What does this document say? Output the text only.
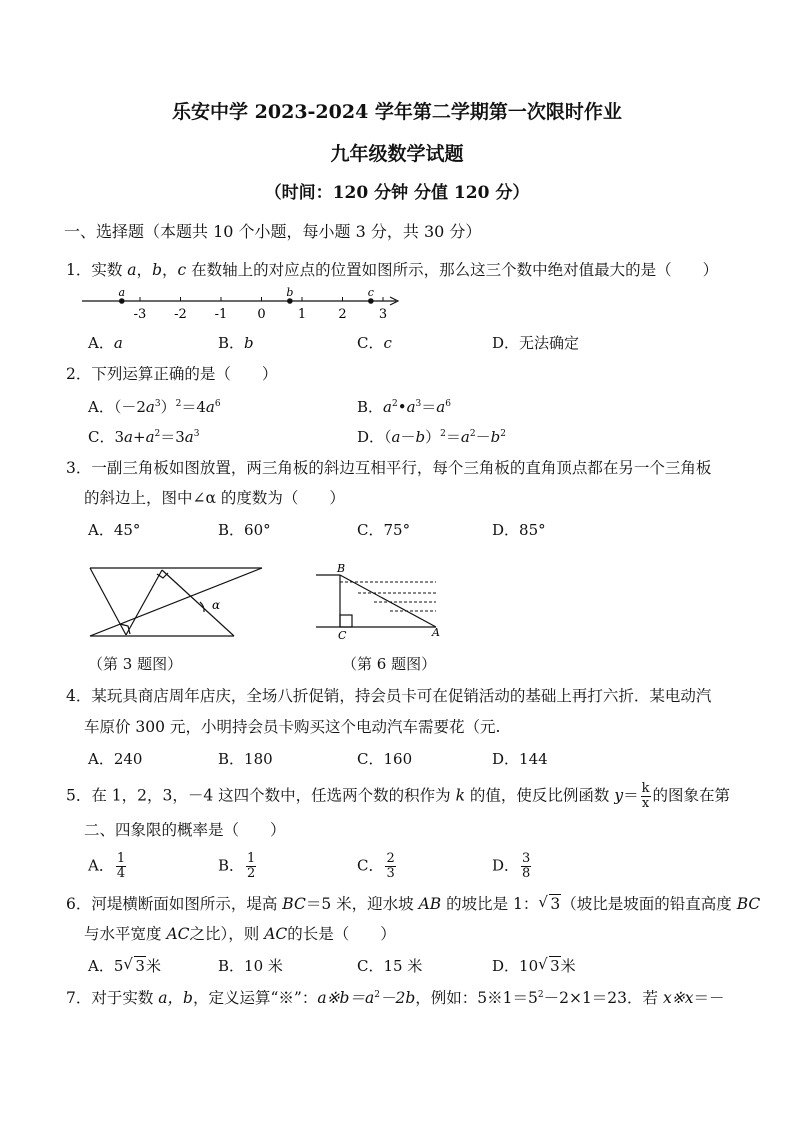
乐安中学 2023-2024 学年第二学期第一次限时作业
九年级数学试题
（时间：120 分钟 分值 120 分）
一、选择题（本题共 10 个小题，每小题 3 分，共 30 分）
1．实数 a，b，c 在数轴上的对应点的位置如图所示，那么这三个数中绝对值最大的是（　　）
-3 -2 -1 0 1 2 3
a	b	c
A．a	B．b	C．c	D．无法确定
2．下列运算正确的是（　　）
A．$(-2a^3)^2=4a^6$	B．$a^2•a^3=a^6$
C．$3a+a^2=3a^3$	D．$(a-b)^2=a^2-b^2$
3．一副三角板如图放置，两三角板的斜边互相平行，每个三角板的直角顶点都在另一个三角板
的斜边上，图中∠α 的度数为（　　）
A．45°	B．60°	C．75°	D．85°
α
B
C	A
（第 3 题图）	（第 6 题图）
4．某玩具商店周年店庆，全场八折促销，持会员卡可在促销活动的基础上再打六折．某电动汽
车原价 300 元，小明持会员卡购买这个电动汽车需要花（元.
A．240	B．180	C．160	D．144
5．在 1，2，3，－4 这四个数中，任选两个数的积作为 k 的值，使反比例函数 $y= \frac{k}{x}$ 的图象在第
二、四象限的概率是（　　）
A． $\frac{1}{4}$	B． $\frac{1}{2}$	C． $\frac{2}{3}$	D． $\frac{3}{8}$
6．河堤横断面如图所示，堤高 BC＝5 米，迎水坡 AB 的坡比是 1： √ 3（坡比是坡面的铅直高度 BC
与水平宽度 AC之比），则 AC的长是（　　）
A．5 √ 3米	B．10 米	C．15 米	D．10 √ 3米
7．对于实数 a，b，定义运算“※”：$a※b=a^2-2b$，例如：$5※1=5^2-2\times 1=23$．若 x※x＝－
